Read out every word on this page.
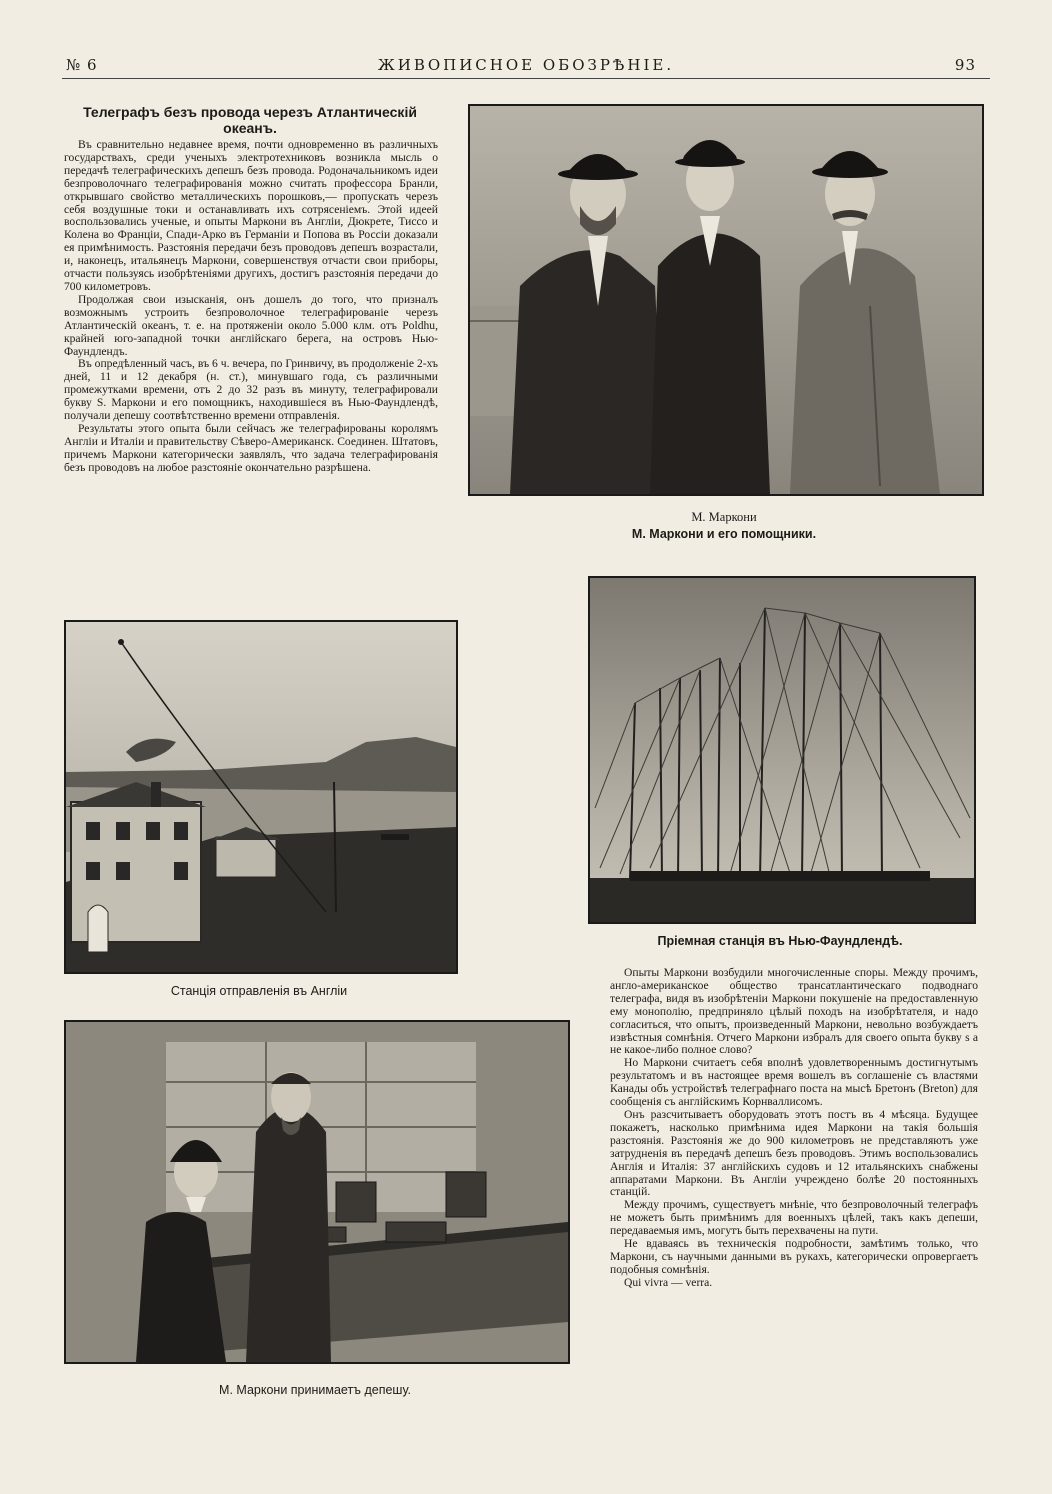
ЖИВОПИСНОЕ ОБОЗРѢНІЕ.
№ 6	93
Телеграфъ безъ провода черезъ Атлантическій океанъ.

Въ сравнительно недавнее время, почти одновременно въ различныхъ государствахъ, среди ученыхъ электротехниковъ возникла мысль о передачѣ телеграфическихъ депешъ безъ провода. Родоначальникомъ идеи безпроволочнаго телеграфированія можно считать профессора Бранли, открывшаго свойство металлическихъ порошковъ,— пропускать черезъ себя воздушные токи и останавливать ихъ сотрясеніемъ. Этой идеей воспользовались ученые, и опыты Маркони въ Англіи, Дюкрете, Тиссо и Колена во Франціи, Спади-Арко въ Германіи и Попова въ Россіи доказали ея примѣнимость. Разстоянія передачи безъ проводовъ депешъ возрастали, и, наконецъ, итальянецъ Маркони, совершенствуя отчасти свои приборы, отчасти пользуясь изобрѣтеніями другихъ, достигъ разстоянія передачи до 700 километровъ.

Продолжая свои изысканія, онъ дошелъ до того, что призналъ возможнымъ устроить безпроволочное телеграфированіе черезъ Атлантическій океанъ, т. е. на протяженіи около 5.000 клм. отъ Poldhu, крайней юго-западной точки англійскаго берега, на островъ Нью-Фаундлендъ.

Въ опредѣленный часъ, въ 6 ч. вечера, по Гринвичу, въ продолженіе 2-хъ дней, 11 и 12 декабря (н. ст.), минувшаго года, съ различными промежутками времени, отъ 2 до 32 разъ въ минуту, телеграфировали букву S. Маркони и его помощникъ, находившіеся въ Нью-Фаундлендѣ, получали депешу соотвѣтственно времени отправленія.

Результаты этого опыта были сейчасъ же телеграфированы королямъ Англіи и Италіи и правительству Сѣверо-Американск. Соединен. Штатовъ, причемъ Маркони категорически заявлялъ, что задача телеграфированія безъ проводовъ на любое разстояніе окончательно разрѣшена.

М. Маркони
М. Маркони и его помощники.
Пріемная станція въ Нью-Фаундлендѣ.
Станція отправленія въ Англіи
М. Маркони принимаетъ депешу.

Опыты Маркони возбудили многочисленные споры. Между прочимъ, англо-американское общество трансатлантическаго подводнаго телеграфа, видя въ изобрѣтеніи Маркони покушеніе на предоставленную ему монополію, предприняло цѣлый походъ на изобрѣтателя, и надо согласиться, что опытъ, произведенный Маркони, невольно возбуждаетъ извѣстныя сомнѣнія. Отчего Маркони избралъ для своего опыта букву s а не какое-либо полное слово?

Но Маркони считаетъ себя вполнѣ удовлетвореннымъ достигнутымъ результатомъ и въ настоящее время вошелъ въ соглашеніе съ властями Канады объ устройствѣ телеграфнаго поста на мысѣ Бретонъ (Breton) для сообщенія съ англійскимъ Корнваллисомъ.

Онъ разсчитываетъ оборудовать этотъ постъ въ 4 мѣсяца. Будущее покажетъ, насколько примѣнима идея Маркони на такія большія разстоянія. Разстоянія же до 900 километровъ не представляютъ уже затрудненія въ передачѣ депешъ безъ проводовъ. Этимъ воспользовались Англія и Италія: 37 англійскихъ судовъ и 12 итальянскихъ снабжены аппаратами Маркони. Въ Англіи учреждено болѣе 20 постоянныхъ станцій.

Между прочимъ, существуетъ мнѣніе, что безпроволочный телеграфъ не можетъ быть примѣнимъ для военныхъ цѣлей, такъ какъ депеши, передаваемыя имъ, могутъ быть перехвачены на пути.

Не вдаваясь въ техническія подробности, замѣтимъ только, что Маркони, съ научными данными въ рукахъ, категорически опровергаетъ подобныя сомнѣнія.

Qui vivra — verra.
